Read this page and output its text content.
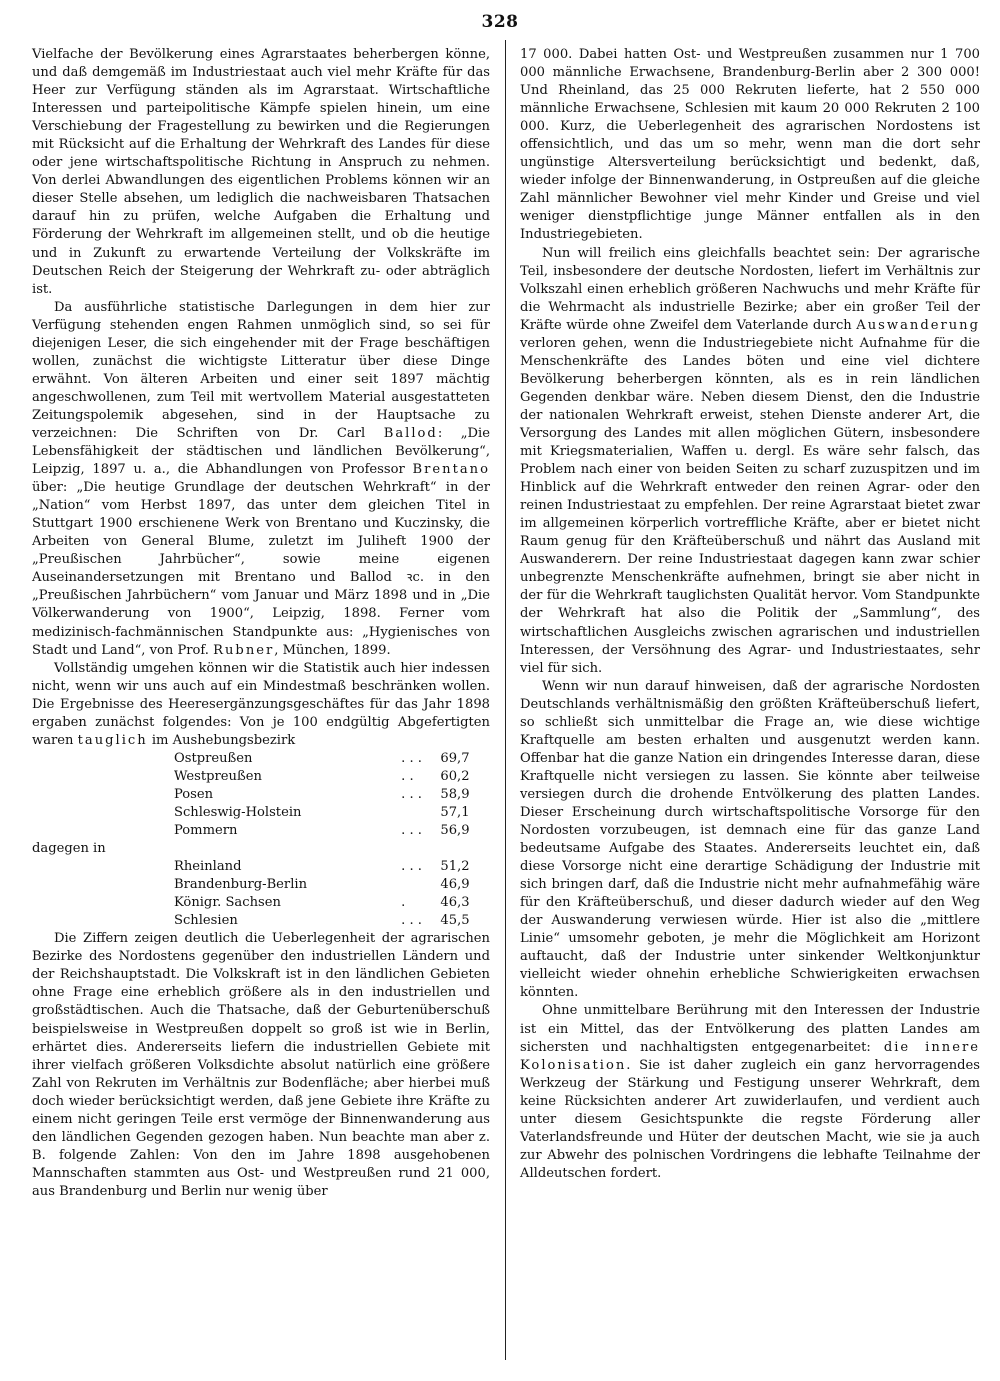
328

Vielfache der Bevölkerung eines Agrarstaates beherbergen könne, und daß demgemäß im Industriestaat auch viel mehr Kräfte für das Heer zur Verfügung ständen als im Agrarstaat. Wirtschaftliche Interessen und parteipolitische Kämpfe spielen hinein, um eine Verschiebung der Fragestellung zu bewirken und die Regierungen mit Rücksicht auf die Erhaltung der Wehrkraft des Landes für diese oder jene wirtschaftspolitische Richtung in Anspruch zu nehmen. Von derlei Abwandlungen des eigentlichen Problems können wir an dieser Stelle absehen, um lediglich die nachweisbaren Thatsachen darauf hin zu prüfen, welche Aufgaben die Erhaltung und Förderung der Wehrkraft im allgemeinen stellt, und ob die heutige und in Zukunft zu erwartende Verteilung der Volkskräfte im Deutschen Reich der Steigerung der Wehrkraft zu- oder abträglich ist.

Da ausführliche statistische Darlegungen in dem hier zur Verfügung stehenden engen Rahmen unmöglich sind, so sei für diejenigen Leser, die sich eingehender mit der Frage beschäftigen wollen, zunächst die wichtigste Litteratur über diese Dinge erwähnt. Von älteren Arbeiten und einer seit 1897 mächtig angeschwollenen, zum Teil mit wertvollem Material ausgestatteten Zeitungspolemik abgesehen, sind in der Hauptsache zu verzeichnen: Die Schriften von Dr. Carl Ballod: „Die Lebensfähigkeit der städtischen und ländlichen Bevölkerung“, Leipzig, 1897 u. a., die Abhandlungen von Professor Brentano über: „Die heutige Grundlage der deutschen Wehrkraft“ in der „Nation“ vom Herbst 1897, das unter dem gleichen Titel in Stuttgart 1900 erschienene Werk von Brentano und Kuczinsky, die Arbeiten von General Blume, zuletzt im Juliheft 1900 der „Preußischen Jahrbücher“, sowie meine eigenen Auseinandersetzungen mit Brentano und Ballod ꝛc. in den „Preußischen Jahrbüchern“ vom Januar und März 1898 und in „Die Völkerwanderung von 1900“, Leipzig, 1898. Ferner vom medizinisch-fachmännischen Standpunkte aus: „Hygienisches von Stadt und Land“, von Prof. Rubner, München, 1899.

Vollständig umgehen können wir die Statistik auch hier indessen nicht, wenn wir uns auch auf ein Mindestmaß beschränken wollen. Die Ergebnisse des Heeresergänzungsgeschäftes für das Jahr 1898 ergaben zunächst folgendes: Von je 100 endgültig Abgefertigten waren tauglich im Aushebungsbezirk

Ostpreußen	. . .	69,7
Westpreußen	. .	60,2
Posen	. . .	58,9
Schleswig-Holstein		57,1
Pommern	. . .	56,9

dagegen in

Rheinland	. . .	51,2
Brandenburg-Berlin		46,9
Königr. Sachsen	.	46,3
Schlesien	. . .	45,5

Die Ziffern zeigen deutlich die Ueberlegenheit der agrarischen Bezirke des Nordostens gegenüber den industriellen Ländern und der Reichshauptstadt. Die Volkskraft ist in den ländlichen Gebieten ohne Frage eine erheblich größere als in den industriellen und großstädtischen. Auch die Thatsache, daß der Geburtenüberschuß beispielsweise in Westpreußen doppelt so groß ist wie in Berlin, erhärtet dies. Andererseits liefern die industriellen Gebiete mit ihrer vielfach größeren Volksdichte absolut natürlich eine größere Zahl von Rekruten im Verhältnis zur Bodenfläche; aber hierbei muß doch wieder berücksichtigt werden, daß jene Gebiete ihre Kräfte zu einem nicht geringen Teile erst vermöge der Binnenwanderung aus den ländlichen Gegenden gezogen haben. Nun beachte man aber z. B. folgende Zahlen: Von den im Jahre 1898 ausgehobenen Mannschaften stammten aus Ost- und Westpreußen rund 21 000, aus Brandenburg und Berlin nur wenig über

17 000. Dabei hatten Ost- und Westpreußen zusammen nur 1 700 000 männliche Erwachsene, Brandenburg-Berlin aber 2 300 000! Und Rheinland, das 25 000 Rekruten lieferte, hat 2 550 000 männliche Erwachsene, Schlesien mit kaum 20 000 Rekruten 2 100 000. Kurz, die Ueberlegenheit des agrarischen Nordostens ist offensichtlich, und das um so mehr, wenn man die dort sehr ungünstige Altersverteilung berücksichtigt und bedenkt, daß, wieder infolge der Binnenwanderung, in Ostpreußen auf die gleiche Zahl männlicher Bewohner viel mehr Kinder und Greise und viel weniger dienstpflichtige junge Männer entfallen als in den Industriegebieten.

Nun will freilich eins gleichfalls beachtet sein: Der agrarische Teil, insbesondere der deutsche Nordosten, liefert im Verhältnis zur Volkszahl einen erheblich größeren Nachwuchs und mehr Kräfte für die Wehrmacht als industrielle Bezirke; aber ein großer Teil der Kräfte würde ohne Zweifel dem Vaterlande durch Auswanderung verloren gehen, wenn die Industriegebiete nicht Aufnahme für die Menschenkräfte des Landes böten und eine viel dichtere Bevölkerung beherbergen könnten, als es in rein ländlichen Gegenden denkbar wäre. Neben diesem Dienst, den die Industrie der nationalen Wehrkraft erweist, stehen Dienste anderer Art, die Versorgung des Landes mit allen möglichen Gütern, insbesondere mit Kriegsmaterialien, Waffen u. dergl. Es wäre sehr falsch, das Problem nach einer von beiden Seiten zu scharf zuzuspitzen und im Hinblick auf die Wehrkraft entweder den reinen Agrar- oder den reinen Industriestaat zu empfehlen. Der reine Agrarstaat bietet zwar im allgemeinen körperlich vortreffliche Kräfte, aber er bietet nicht Raum genug für den Kräfteüberschuß und nährt das Ausland mit Auswanderern. Der reine Industriestaat dagegen kann zwar schier unbegrenzte Menschenkräfte aufnehmen, bringt sie aber nicht in der für die Wehrkraft tauglichsten Qualität hervor. Vom Standpunkte der Wehrkraft hat also die Politik der „Sammlung“, des wirtschaftlichen Ausgleichs zwischen agrarischen und industriellen Interessen, der Versöhnung des Agrar- und Industriestaates, sehr viel für sich.

Wenn wir nun darauf hinweisen, daß der agrarische Nordosten Deutschlands verhältnismäßig den größten Kräfteüberschuß liefert, so schließt sich unmittelbar die Frage an, wie diese wichtige Kraftquelle am besten erhalten und ausgenutzt werden kann. Offenbar hat die ganze Nation ein dringendes Interesse daran, diese Kraftquelle nicht versiegen zu lassen. Sie könnte aber teilweise versiegen durch die drohende Entvölkerung des platten Landes. Dieser Erscheinung durch wirtschaftspolitische Vorsorge für den Nordosten vorzubeugen, ist demnach eine für das ganze Land bedeutsame Aufgabe des Staates. Andererseits leuchtet ein, daß diese Vorsorge nicht eine derartige Schädigung der Industrie mit sich bringen darf, daß die Industrie nicht mehr aufnahmefähig wäre für den Kräfteüberschuß, und dieser dadurch wieder auf den Weg der Auswanderung verwiesen würde. Hier ist also die „mittlere Linie“ umsomehr geboten, je mehr die Möglichkeit am Horizont auftaucht, daß der Industrie unter sinkender Weltkonjunktur vielleicht wieder ohnehin erhebliche Schwierigkeiten erwachsen könnten.

Ohne unmittelbare Berührung mit den Interessen der Industrie ist ein Mittel, das der Entvölkerung des platten Landes am sichersten und nachhaltigsten entgegenarbeitet: die innere Kolonisation. Sie ist daher zugleich ein ganz hervorragendes Werkzeug der Stärkung und Festigung unserer Wehrkraft, dem keine Rücksichten anderer Art zuwiderlaufen, und verdient auch unter diesem Gesichtspunkte die regste Förderung aller Vaterlandsfreunde und Hüter der deutschen Macht, wie sie ja auch zur Abwehr des polnischen Vordringens die lebhafte Teilnahme der Alldeutschen fordert.
